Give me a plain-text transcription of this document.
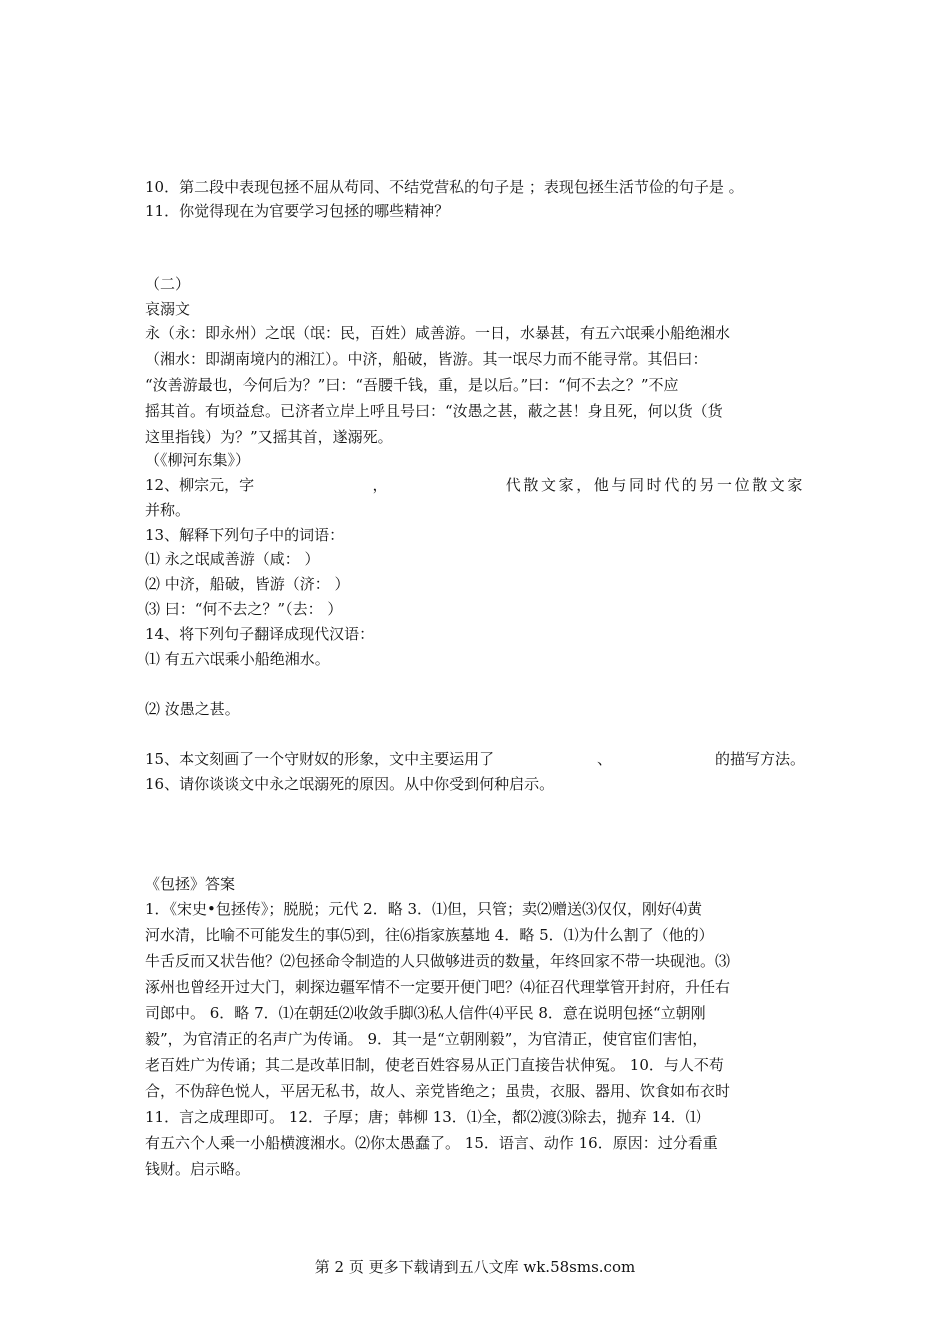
10．第二段中表现包拯不屈从苟同、不结党营私的句子是 ；表现包拯生活节俭的句子是 。
11．你觉得现在为官要学习包拯的哪些精神？
（二）
哀溺文
永（永：即永州）之氓（氓：民，百姓）咸善游。一日，水暴甚，有五六氓乘小船绝湘水
（湘水：即湖南境内的湘江）。中济，船破，皆游。其一氓尽力而不能寻常。其侣曰：
“汝善游最也，今何后为？”曰：“吾腰千钱，重，是以后。”曰：“何不去之？”不应
摇其首。有顷益怠。已济者立岸上呼且号曰：“汝愚之甚，蔽之甚！身且死，何以货（货
这里指钱）为？”又摇其首，遂溺死。
（《柳河东集》）
12、柳宗元，字	，	代散文家，他与同时代的另一位散文家
并称。
13、解释下列句子中的词语：
⑴ 永之氓咸善游（咸： ）
⑵ 中济，船破，皆游（济： ）
⑶ 曰：“何不去之？”（去： ）
14、将下列句子翻译成现代汉语：
⑴ 有五六氓乘小船绝湘水。
⑵ 汝愚之甚。
15、本文刻画了一个守财奴的形象，文中主要运用了	、	的描写方法。
16、请你谈谈文中永之氓溺死的原因。从中你受到何种启示。
《包拯》答案
1．《宋史•包拯传》；脱脱；元代 2．略 3．⑴但，只管；卖⑵赠送⑶仅仅，刚好⑷黄
河水清，比喻不可能发生的事⑸到，往⑹指家族墓地 4．略 5．⑴为什么割了（他的）
牛舌反而又状告他？⑵包拯命令制造的人只做够进贡的数量，年终回家不带一块砚池。⑶
涿州也曾经开过大门，刺探边疆军情不一定要开便门吧？⑷征召代理掌管开封府，升任右
司郎中。 6．略 7．⑴在朝廷⑵收敛手脚⑶私人信件⑷平民 8．意在说明包拯“立朝刚
毅”，为官清正的名声广为传诵。 9．其一是“立朝刚毅”，为官清正，使官宦们害怕，
老百姓广为传诵；其二是改革旧制，使老百姓容易从正门直接告状伸冤。 10．与人不苟
合，不伪辞色悦人，平居无私书，故人、亲党皆绝之；虽贵，衣服、器用、饮食如布衣时
11．言之成理即可。 12．子厚；唐；韩柳 13．⑴全，都⑵渡⑶除去，抛弃 14．⑴
有五六个人乘一小船横渡湘水。⑵你太愚蠢了。 15．语言、动作 16．原因：过分看重
钱财。启示略。
第 2 页 更多下载请到五八文库 wk.58sms.com
